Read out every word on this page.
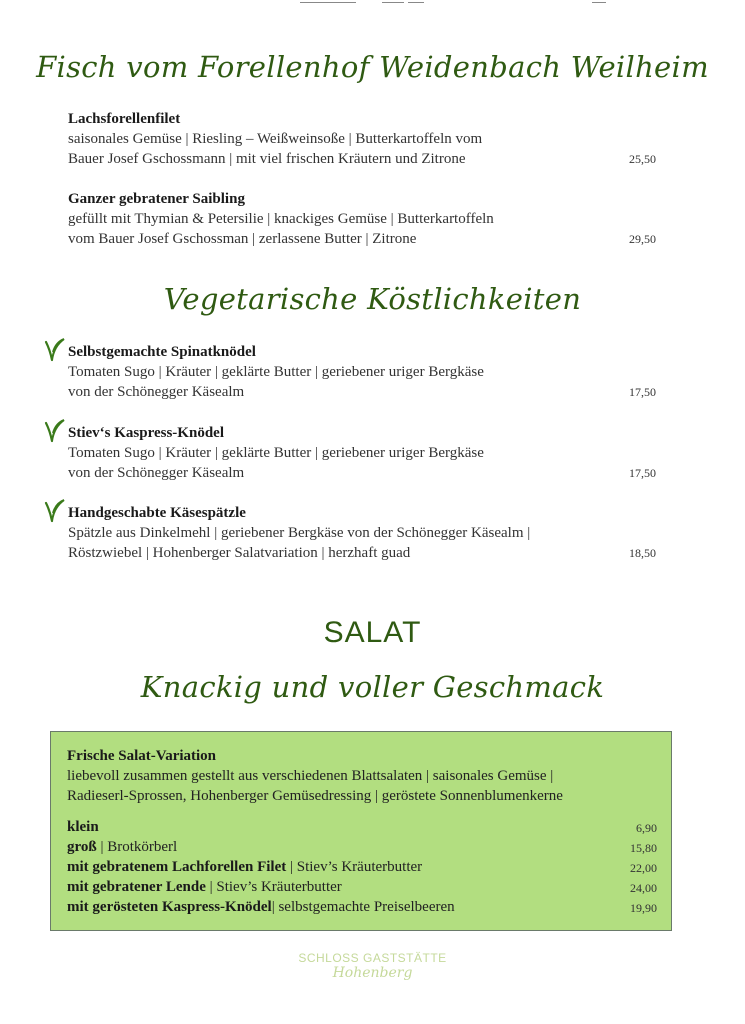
Fisch vom Forellenhof Weidenbach Weilheim
Lachsforellenfilet
saisonales Gemüse | Riesling – Weißweinsoße | Butterkartoffeln vom
Bauer Josef Gschossmann | mit viel frischen Kräutern und Zitrone	25,50
Ganzer gebratener Saibling
gefüllt mit Thymian & Petersilie | knackiges Gemüse | Butterkartoffeln
vom Bauer Josef Gschossman | zerlassene Butter | Zitrone	29,50
Vegetarische Köstlichkeiten
Selbstgemachte Spinatknödel
Tomaten Sugo | Kräuter | geklärte Butter | geriebener uriger Bergkäse
von der Schönegger Käsealm	17,50
Stiev‘s Kaspress-Knödel
Tomaten Sugo | Kräuter | geklärte Butter | geriebener uriger Bergkäse
von der Schönegger Käsealm	17,50
Handgeschabte Käsespätzle
Spätzle aus Dinkelmehl | geriebener Bergkäse von der Schönegger Käsealm |
Röstzwiebel | Hohenberger Salatvariation | herzhaft guad	18,50
SALAT
Knackig und voller Geschmack
Frische Salat-Variation
liebevoll zusammen gestellt aus verschiedenen Blattsalaten | saisonales Gemüse |
Radieserl-Sprossen, Hohenberger Gemüsedressing | geröstete Sonnenblumenkerne
klein	6,90
groß | Brotkörberl	15,80
mit gebratenem Lachforellen Filet | Stiev’s Kräuterbutter	22,00
mit gebratener Lende | Stiev’s Kräuterbutter	24,00
mit gerösteten Kaspress-Knödel| selbstgemachte Preiselbeeren	19,90
SCHLOSS GASTSTÄTTE
Hohenberg
